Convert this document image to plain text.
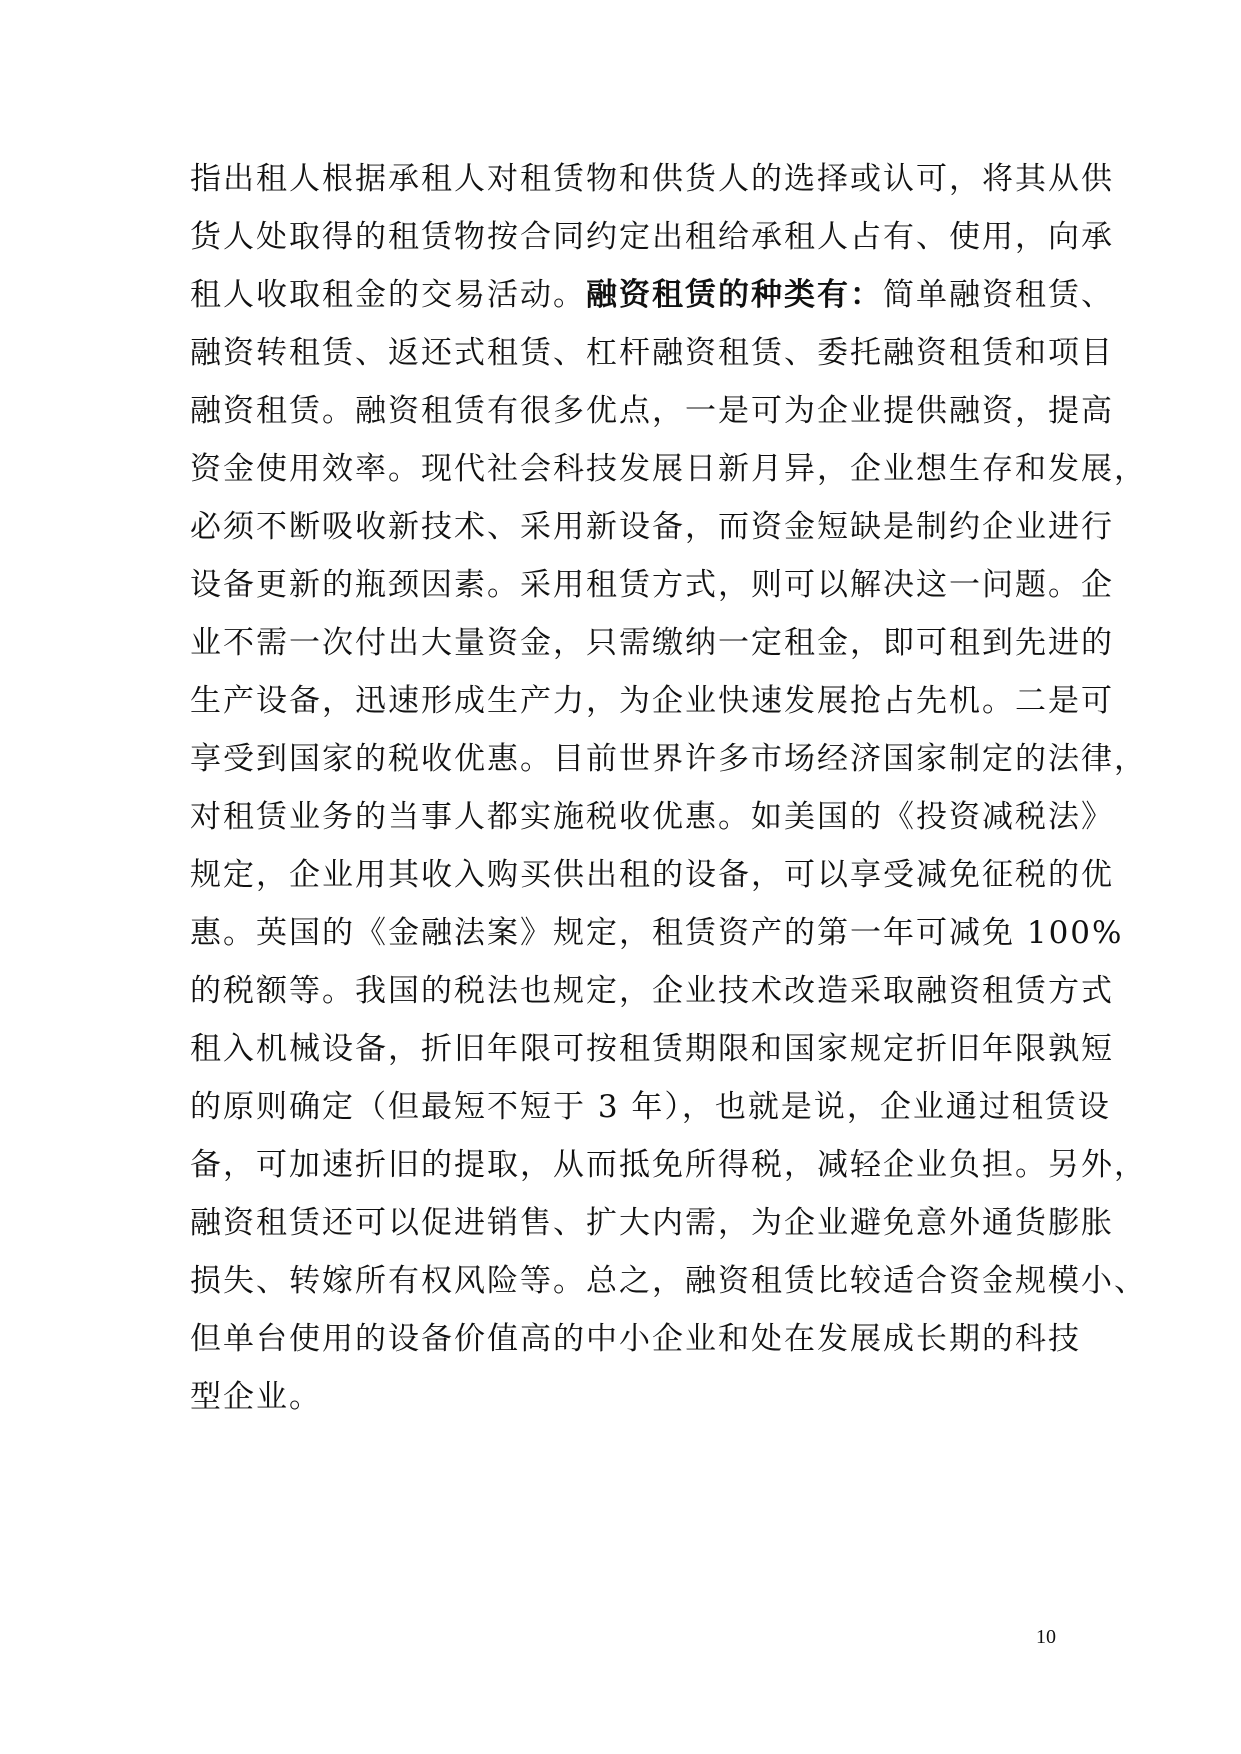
指出租人根据承租人对租赁物和供货人的选择或认可，将其从供
货人处取得的租赁物按合同约定出租给承租人占有、使用，向承
租人收取租金的交易活动。融资租赁的种类有：简单融资租赁、
融资转租赁、返还式租赁、杠杆融资租赁、委托融资租赁和项目
融资租赁。融资租赁有很多优点，一是可为企业提供融资，提高
资金使用效率。现代社会科技发展日新月异，企业想生存和发展，
必须不断吸收新技术、采用新设备，而资金短缺是制约企业进行
设备更新的瓶颈因素。采用租赁方式，则可以解决这一问题。企
业不需一次付出大量资金，只需缴纳一定租金，即可租到先进的
生产设备，迅速形成生产力，为企业快速发展抢占先机。二是可
享受到国家的税收优惠。目前世界许多市场经济国家制定的法律，
对租赁业务的当事人都实施税收优惠。如美国的《投资减税法》
规定，企业用其收入购买供出租的设备，可以享受减免征税的优
惠。英国的《金融法案》规定，租赁资产的第一年可减免 100%
的税额等。我国的税法也规定，企业技术改造采取融资租赁方式
租入机械设备，折旧年限可按租赁期限和国家规定折旧年限孰短
的原则确定（但最短不短于 3 年），也就是说，企业通过租赁设
备，可加速折旧的提取，从而抵免所得税，减轻企业负担。另外，
融资租赁还可以促进销售、扩大内需，为企业避免意外通货膨胀
损失、转嫁所有权风险等。总之，融资租赁比较适合资金规模小、
但单台使用的设备价值高的中小企业和处在发展成长期的科技
型企业。
10
